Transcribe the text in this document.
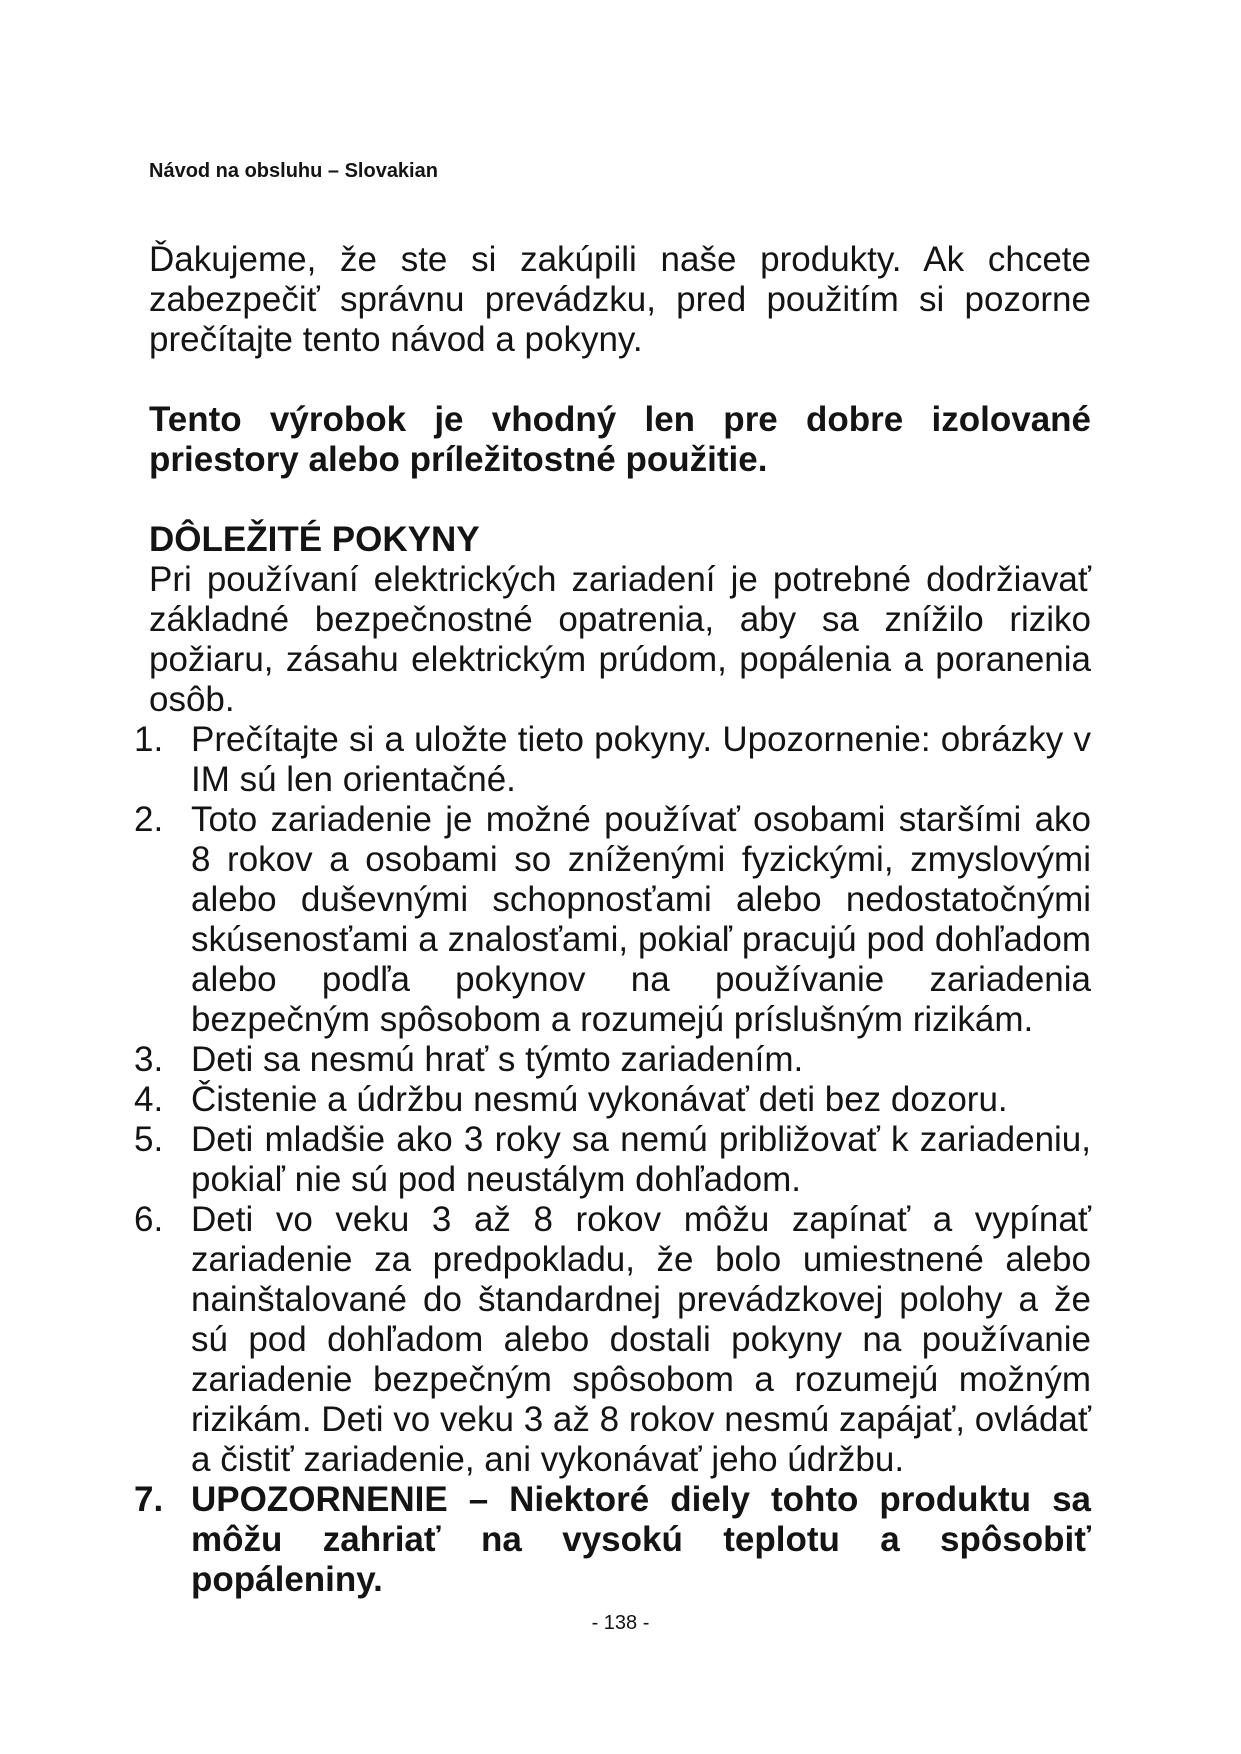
Návod na obsluhu – Slovakian

Ďakujeme, že ste si zakúpili naše produkty. Ak chcete zabezpečiť správnu prevádzku, pred použitím si pozorne prečítajte tento návod a pokyny.

Tento výrobok je vhodný len pre dobre izolované priestory alebo príležitostné použitie.

DÔLEŽITÉ POKYNY

Pri používaní elektrických zariadení je potrebné dodržiavať základné bezpečnostné opatrenia, aby sa znížilo riziko požiaru, zásahu elektrickým prúdom, popálenia a poranenia osôb.

1. Prečítajte si a uložte tieto pokyny. Upozornenie: obrázky v IM sú len orientačné.
2. Toto zariadenie je možné používať osobami staršími ako 8 rokov a osobami so zníženými fyzickými, zmyslovými alebo duševnými schopnosťami alebo nedostatočnými skúsenosťami a znalosťami, pokiaľ pracujú pod dohľadom alebo podľa pokynov na používanie zariadenia bezpečným spôsobom a rozumejú príslušným rizikám.
3. Deti sa nesmú hrať s týmto zariadením.
4. Čistenie a údržbu nesmú vykonávať deti bez dozoru.
5. Deti mladšie ako 3 roky sa nemú približovať k zariadeniu, pokiaľ nie sú pod neustálym dohľadom.
6. Deti vo veku 3 až 8 rokov môžu zapínať a vypínať zariadenie za predpokladu, že bolo umiestnené alebo nainštalované do štandardnej prevádzkovej polohy a že sú pod dohľadom alebo dostali pokyny na používanie zariadenie bezpečným spôsobom a rozumejú možným rizikám. Deti vo veku 3 až 8 rokov nesmú zapájať, ovládať a čistiť zariadenie, ani vykonávať jeho údržbu.
7. UPOZORNENIE – Niektoré diely tohto produktu sa môžu zahriať na vysokú teplotu a spôsobiť popáleniny.
- 138 -
